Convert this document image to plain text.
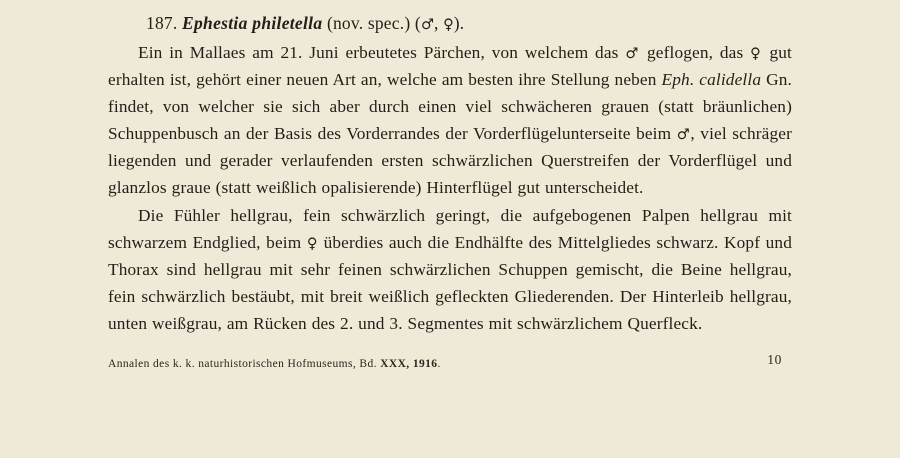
187. Ephestia philetella (nov. spec.) (♂, ♀).

Ein in Mallaes am 21. Juni erbeutetes Pärchen, von welchem das ♂ geflogen, das ♀ gut erhalten ist, gehört einer neuen Art an, welche am besten ihre Stellung neben Eph. calidella Gn. findet, von welcher sie sich aber durch einen viel schwächeren grauen (statt bräunlichen) Schuppenbusch an der Basis des Vorderrandes der Vorderflügelunterseite beim ♂, viel schräger liegenden und gerader verlaufenden ersten schwärzlichen Querstreifen der Vorderflügel und glanzlos graue (statt weißlich opalisierende) Hinterflügel gut unterscheidet.

Die Fühler hellgrau, fein schwärzlich geringt, die aufgebogenen Palpen hellgrau mit schwarzem Endglied, beim ♀ überdies auch die Endhälfte des Mittelgliedes schwarz. Kopf und Thorax sind hellgrau mit sehr feinen schwärzlichen Schuppen gemischt, die Beine hellgrau, fein schwärzlich bestäubt, mit breit weißlich gefleckten Gliederenden. Der Hinterleib hellgrau, unten weißgrau, am Rücken des 2. und 3. Segmentes mit schwärzlichem Querfleck.

Annalen des k. k. naturhistorischen Hofmuseums, Bd. XXX, 1916.	10
